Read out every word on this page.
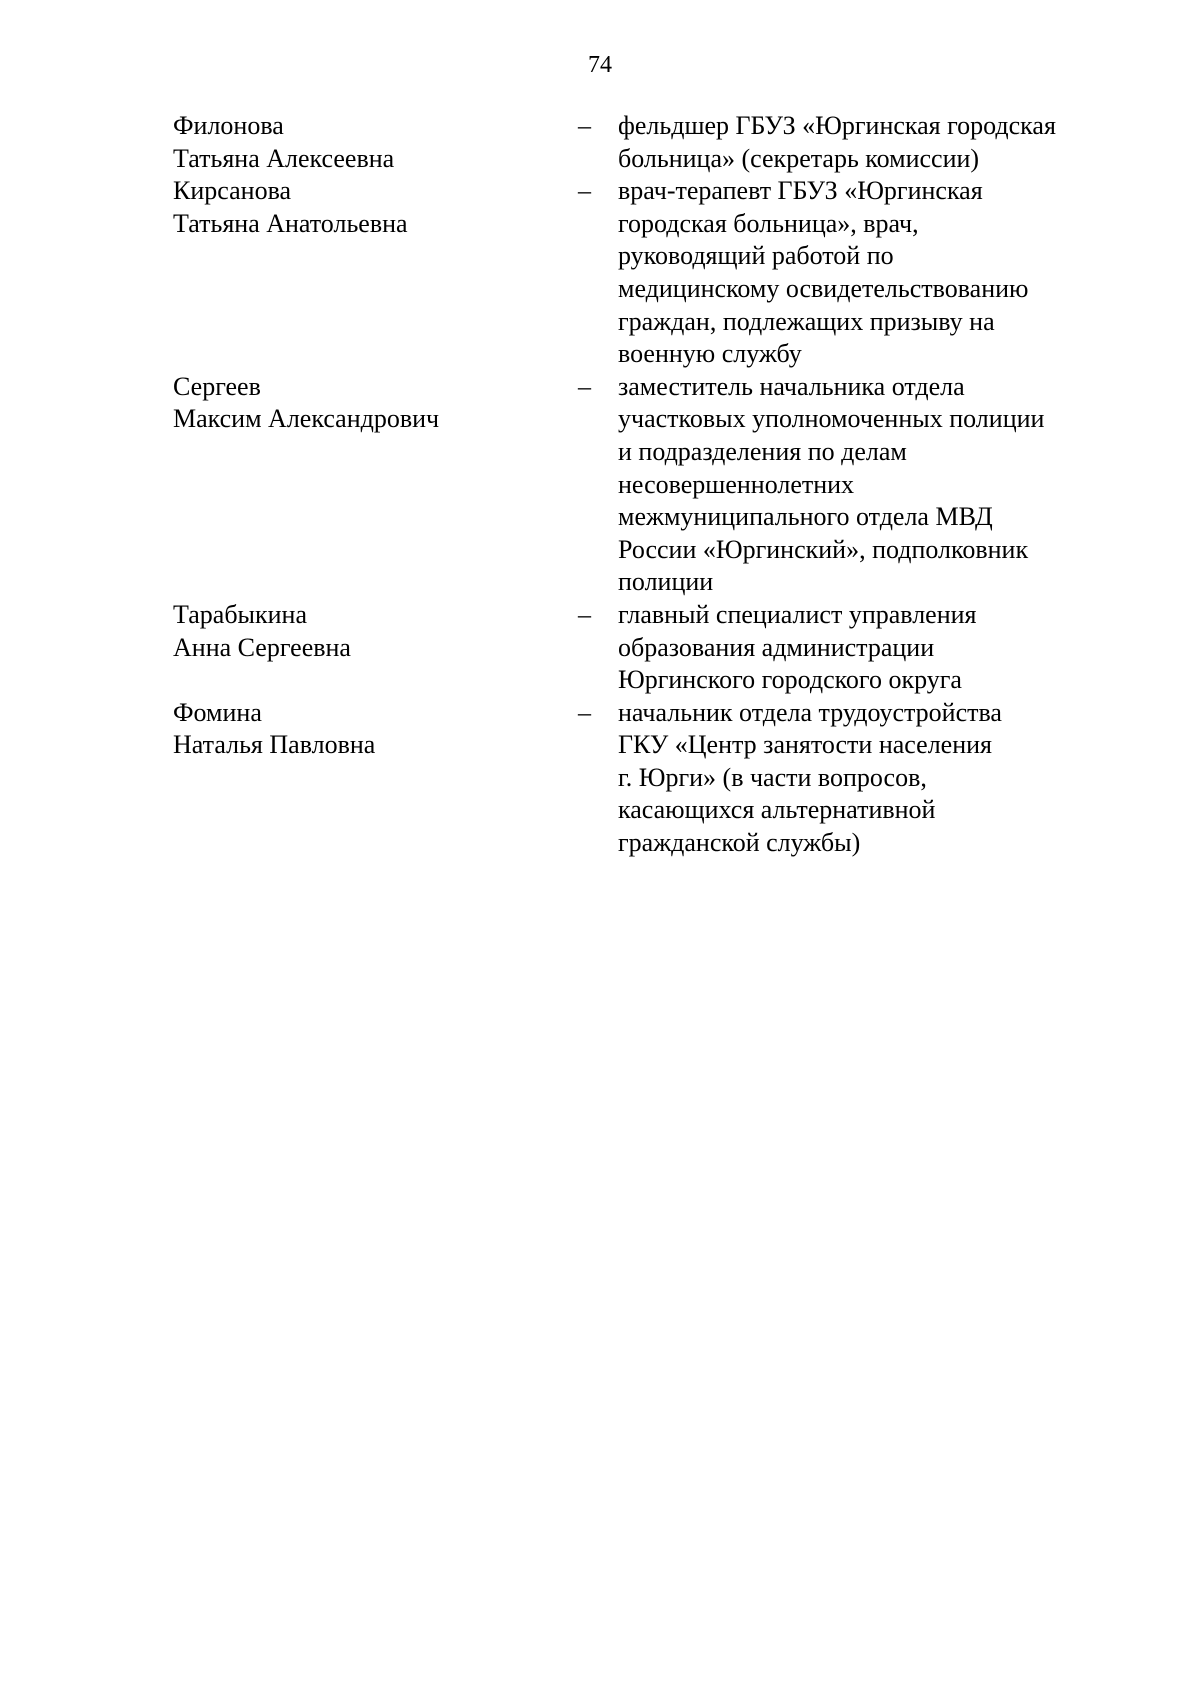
74
Филонова
Татьяна Алексеевна
–	фельдшер ГБУЗ «Юргинская городская
больница» (секретарь комиссии)
Кирсанова
Татьяна Анатольевна
–	врач-терапевт ГБУЗ «Юргинская
городская больница», врач,
руководящий работой по
медицинскому освидетельствованию
граждан, подлежащих призыву на
военную службу
Сергеев
Максим Александрович
–	заместитель начальника отдела
участковых уполномоченных полиции
и подразделения по делам
несовершеннолетних
межмуниципального отдела МВД
России «Юргинский», подполковник
полиции
Тарабыкина
Анна Сергеевна
–	главный специалист управления
образования администрации
Юргинского городского округа
Фомина
Наталья Павловна
–	начальник отдела трудоустройства
ГКУ «Центр занятости населения
г. Юрги» (в части вопросов,
касающихся альтернативной
гражданской службы)
